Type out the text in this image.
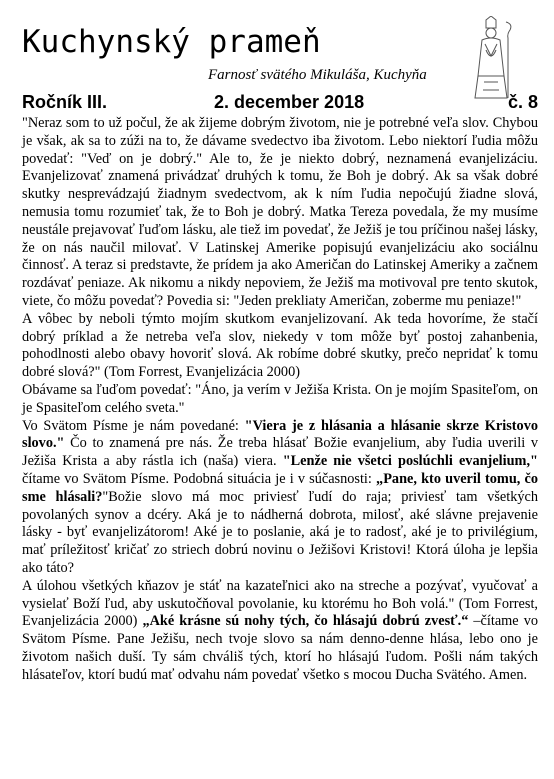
Kuchynský prameň
Farnosť svätého Mikuláša, Kuchyňa
Ročník III.	2. december 2018	č. 8

"Neraz som to už počul, že ak žijeme dobrým životom, nie je potrebné veľa slov. Chybou je však, ak sa to zúži na to, že dávame svedectvo iba životom. Lebo niektorí ľudia môžu povedať: "Veď on je dobrý." Ale to, že je niekto dobrý, neznamená evanjelizáciu. Evanjelizovať znamená privádzať druhých k tomu, že Boh je dobrý. Ak sa však dobré skutky nesprevádzajú žiadnym svedectvom, ak k ním ľudia nepočujú žiadne slová, nemusia tomu rozumieť tak, že to Boh je dobrý. Matka Tereza povedala, že my musíme neustále prejavovať ľuďom lásku, ale tiež im povedať, že Ježiš je tou príčinou našej lásky, že on nás naučil milovať. V Latinskej Amerike popisujú evanjelizáciu ako sociálnu činnosť. A teraz si predstavte, že prídem ja ako Američan do Latinskej Ameriky a začnem rozdávať peniaze. Ak nikomu a nikdy nepoviem, že Ježiš ma motivoval pre tento skutok, viete, čo môžu povedať? Povedia si: "Jeden prekliaty Američan, zoberme mu peniaze!"

A vôbec by neboli týmto mojím skutkom evanjelizovaní. Ak teda hovoríme, že stačí dobrý príklad a že netreba veľa slov, niekedy v tom môže byť postoj zahanbenia, pohodlnosti alebo obavy hovoriť slová. Ak robíme dobré skutky, prečo nepridať k tomu dobré slová?" (Tom Forrest, Evanjelizácia 2000)

Obávame sa ľuďom povedať: "Áno, ja verím v Ježiša Krista. On je mojím Spasiteľom, on je Spasiteľom celého sveta."

Vo Svätom Písme je nám povedané: "Viera je z hlásania a hlásanie skrze Kristovo slovo." Čo to znamená pre nás. Že treba hlásať Božie evanjelium, aby ľudia uverili v Ježiša Krista a aby rástla ich (naša) viera. "Lenže nie všetci poslúchli evanjelium," čítame vo Svätom Písme. Podobná situácia je i v súčasnosti: „Pane, kto uveril tomu, čo sme hlásali?"Božie slovo má moc priviesť ľudí do raja; priviesť tam všetkých povolaných synov a dcéry. Aká je to nádherná dobrota, milosť, aké slávne prejavenie lásky - byť evanjelizátorom! Aké je to poslanie, aká je to radosť, aké je to privilégium, mať príležitosť kričať zo striech dobrú novinu o Ježišovi Kristovi! Ktorá úloha je lepšia ako táto?

A úlohou všetkých kňazov je stáť na kazateľnici ako na streche a pozývať, vyučovať a vysielať Boží ľud, aby uskutočňoval povolanie, ku ktorému ho Boh volá." (Tom Forrest, Evanjelizácia 2000) „Aké krásne sú nohy tých, čo hlásajú dobrú zvesť.“ –čítame vo Svätom Písme. Pane Ježišu, nech tvoje slovo sa nám denno-denne hlása, lebo ono je životom našich duší. Ty sám chváliš tých, ktorí ho hlásajú ľudom. Pošli nám takých hlásateľov, ktorí budú mať odvahu nám povedať všetko s mocou Ducha Svätého. Amen.
